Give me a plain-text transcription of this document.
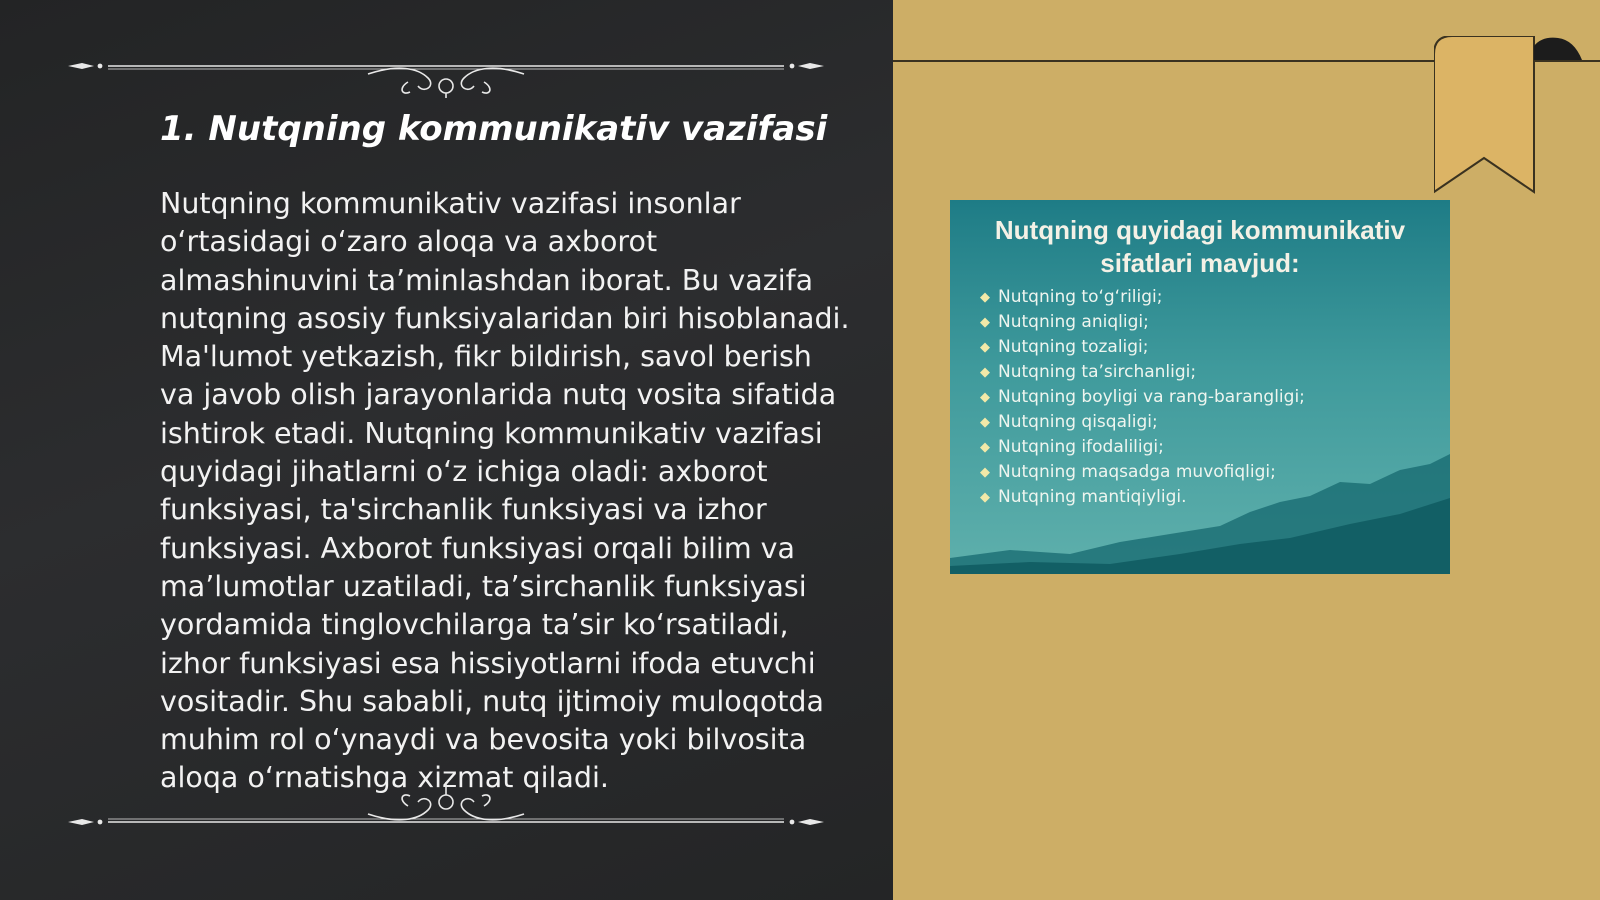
1. Nutqning kommunikativ vazifasi

Nutqning kommunikativ vazifasi insonlar o‘rtasidagi o‘zaro aloqa va axborot almashinuvini ta’minlashdan iborat. Bu vazifa nutqning asosiy funksiyalaridan biri hisoblanadi. Ma'lumot yetkazish, fikr bildirish, savol berish va javob olish jarayonlarida nutq vosita sifatida ishtirok etadi. Nutqning kommunikativ vazifasi quyidagi jihatlarni o‘z ichiga oladi: axborot funksiyasi, ta'sirchanlik funksiyasi va izhor funksiyasi. Axborot funksiyasi orqali bilim va ma’lumotlar uzatiladi, ta’sirchanlik funksiyasi yordamida tinglovchilarga ta’sir ko‘rsatiladi, izhor funksiyasi esa hissiyotlarni ifoda etuvchi vositadir. Shu sababli, nutq ijtimoiy muloqotda muhim rol o‘ynaydi va bevosita yoki bilvosita aloqa o‘rnatishga xizmat qiladi.

Nutqning quyidagi kommunikativ
sifatlari mavjud:
◆ Nutqning to‘g‘riligi;
◆ Nutqning aniqligi;
◆ Nutqning tozaligi;
◆ Nutqning ta’sirchanligi;
◆ Nutqning boyligi va rang-barangligi;
◆ Nutqning qisqaligi;
◆ Nutqning ifodaliligi;
◆ Nutqning maqsadga muvofiqligi;
◆ Nutqning mantiqiyligi.
